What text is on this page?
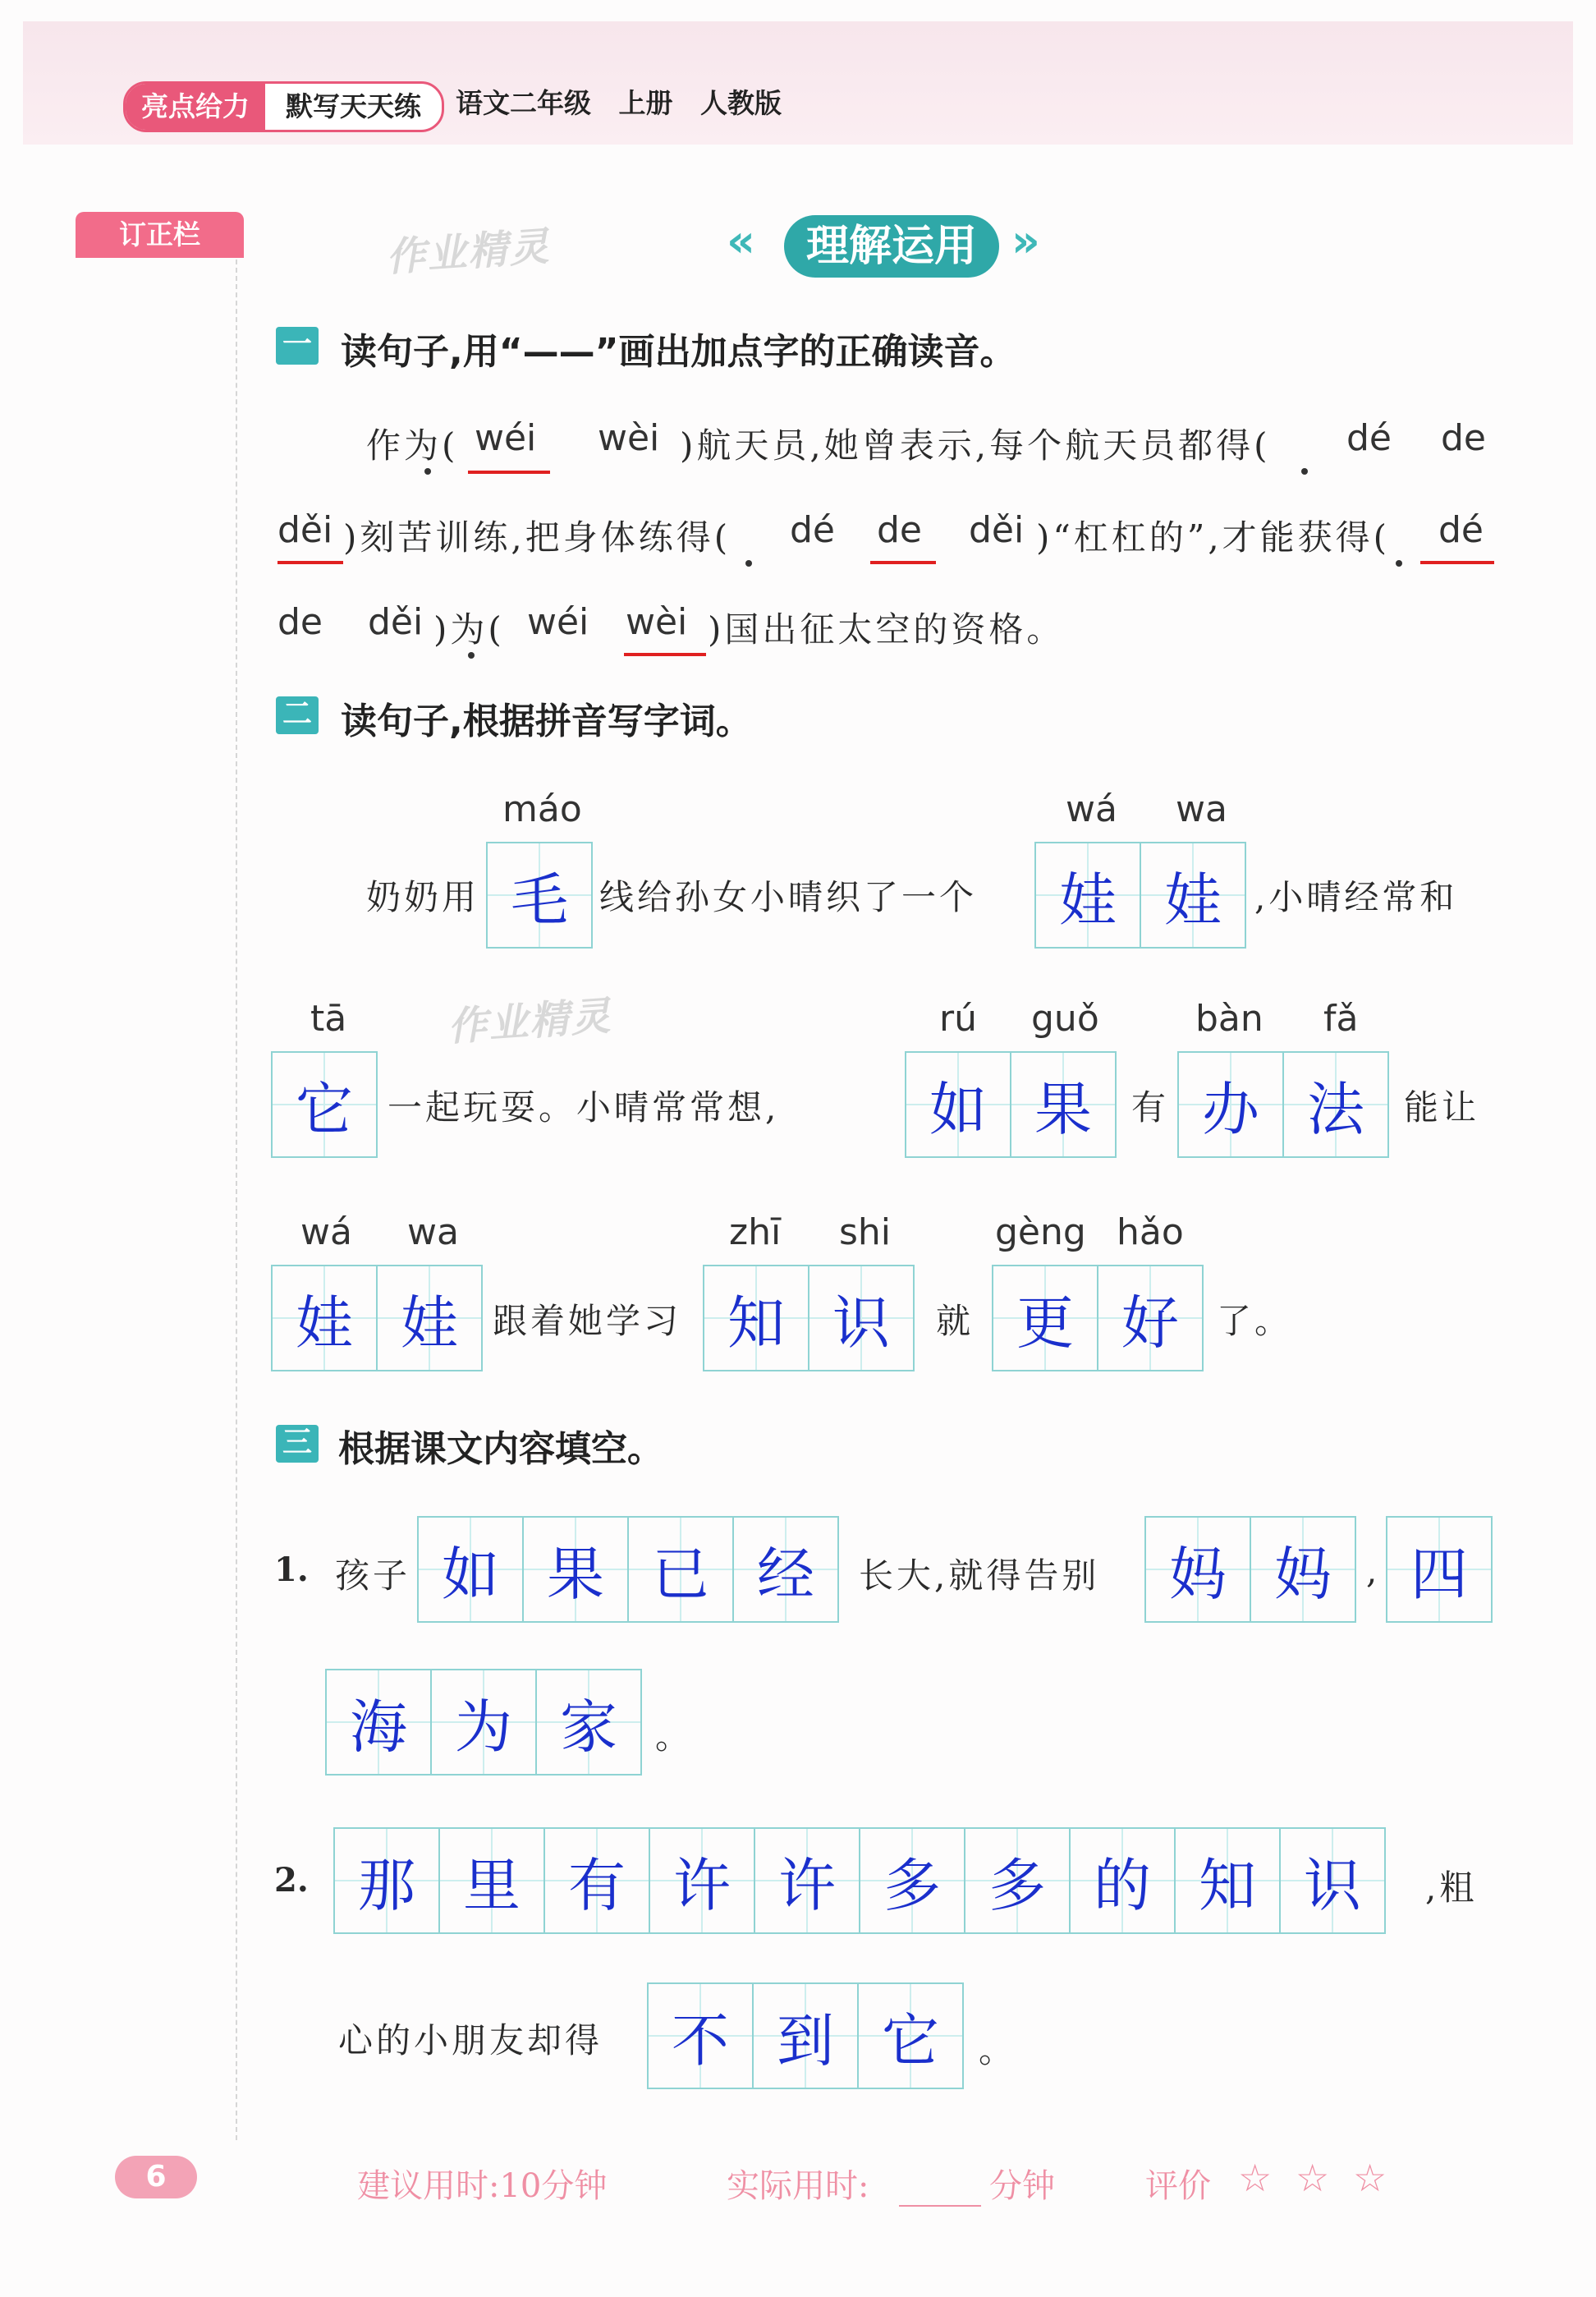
亮点给力	默写天天练	语文二年级 上册 人教版
订正栏	作业精灵	«	理解运用 »
一 读句子,用“——”画出加点字的正确读音。
作为( wéi wèi )航天员,她曾表示,每个航天员都得( dé de
děi )刻苦训练,把身体练得( dé de děi )“杠杠的”,才能获得( dé
de děi )为( wéi wèi )国出征太空的资格。
二 读句子,根据拼音写字词。
máo	wá wa
奶奶用 毛 线给孙女小晴织了一个 娃 娃 ,小晴经常和
作业精灵
tā	rú guǒ	bàn fǎ
它 一起玩耍。小晴常常想,	如 果 有 办 法 能让
wá wa	zhī shi	gèng hǎo
娃 娃 跟着她学习 知 识 就 更 好 了。
三 根据课文内容填空。
1. 孩子 如 果 已 经 长大,就得告别 妈 妈 , 四
海 为 家 。
2. 那 里 有 许 许 多 多 的 知 识 ,粗
心的小朋友却得 不 到 它 。
6	建议用时:10分钟	实际用时:	分钟	评价 ☆ ☆ ☆
